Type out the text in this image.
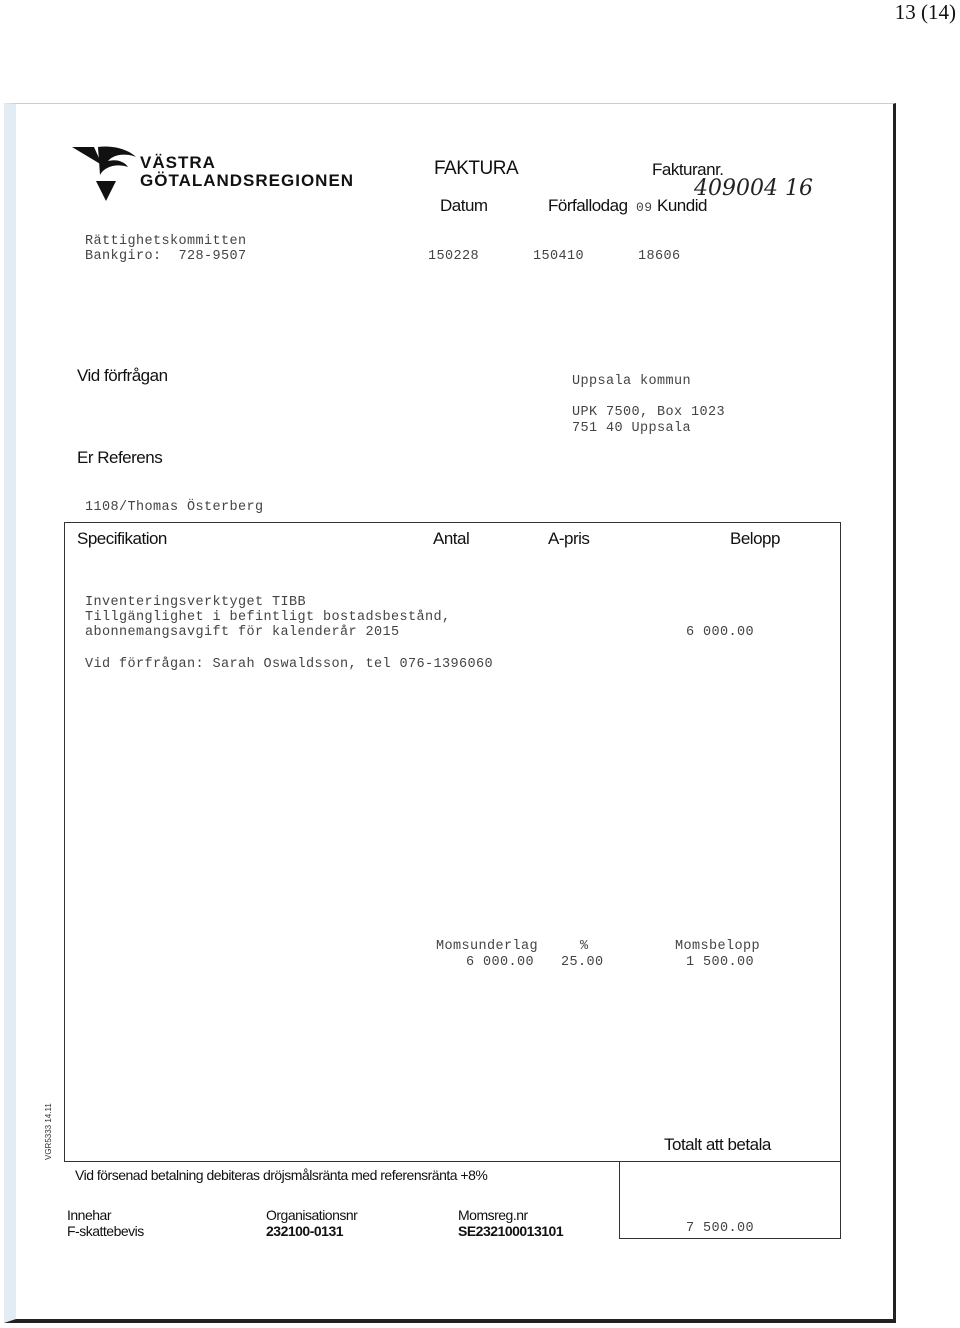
13 (14)
VÄSTRA
GÖTALANDSREGIONEN
FAKTURA	Fakturanr.
Datum	Förfallodag 09 Kundid
409004 16
150228	150410	18606
Rättighetskommitten
Bankgiro:  728-9507
Vid förfrågan
Er Referens
1108/Thomas Österberg
Uppsala kommun
UPK 7500, Box 1023
751 40 Uppsala
Specifikation	Antal	A-pris	Belopp
Inventeringsverktyget TIBB
Tillgänglighet i befintligt bostadsbestånd,
abonnemangsavgift för kalenderår 2015	6 000.00
Vid förfrågan: Sarah Oswaldsson, tel 076-1396060
Momsunderlag	%	Momsbelopp
6 000.00 25.00	1 500.00
VGR5333 14.11	Totalt att betala
7 500.00
Vid försenad betalning debiteras dröjsmålsränta med referensränta +8%
Innehar
F-skattebevis
Organisationsnr
232100-0131
Momsreg.nr
SE232100013101
